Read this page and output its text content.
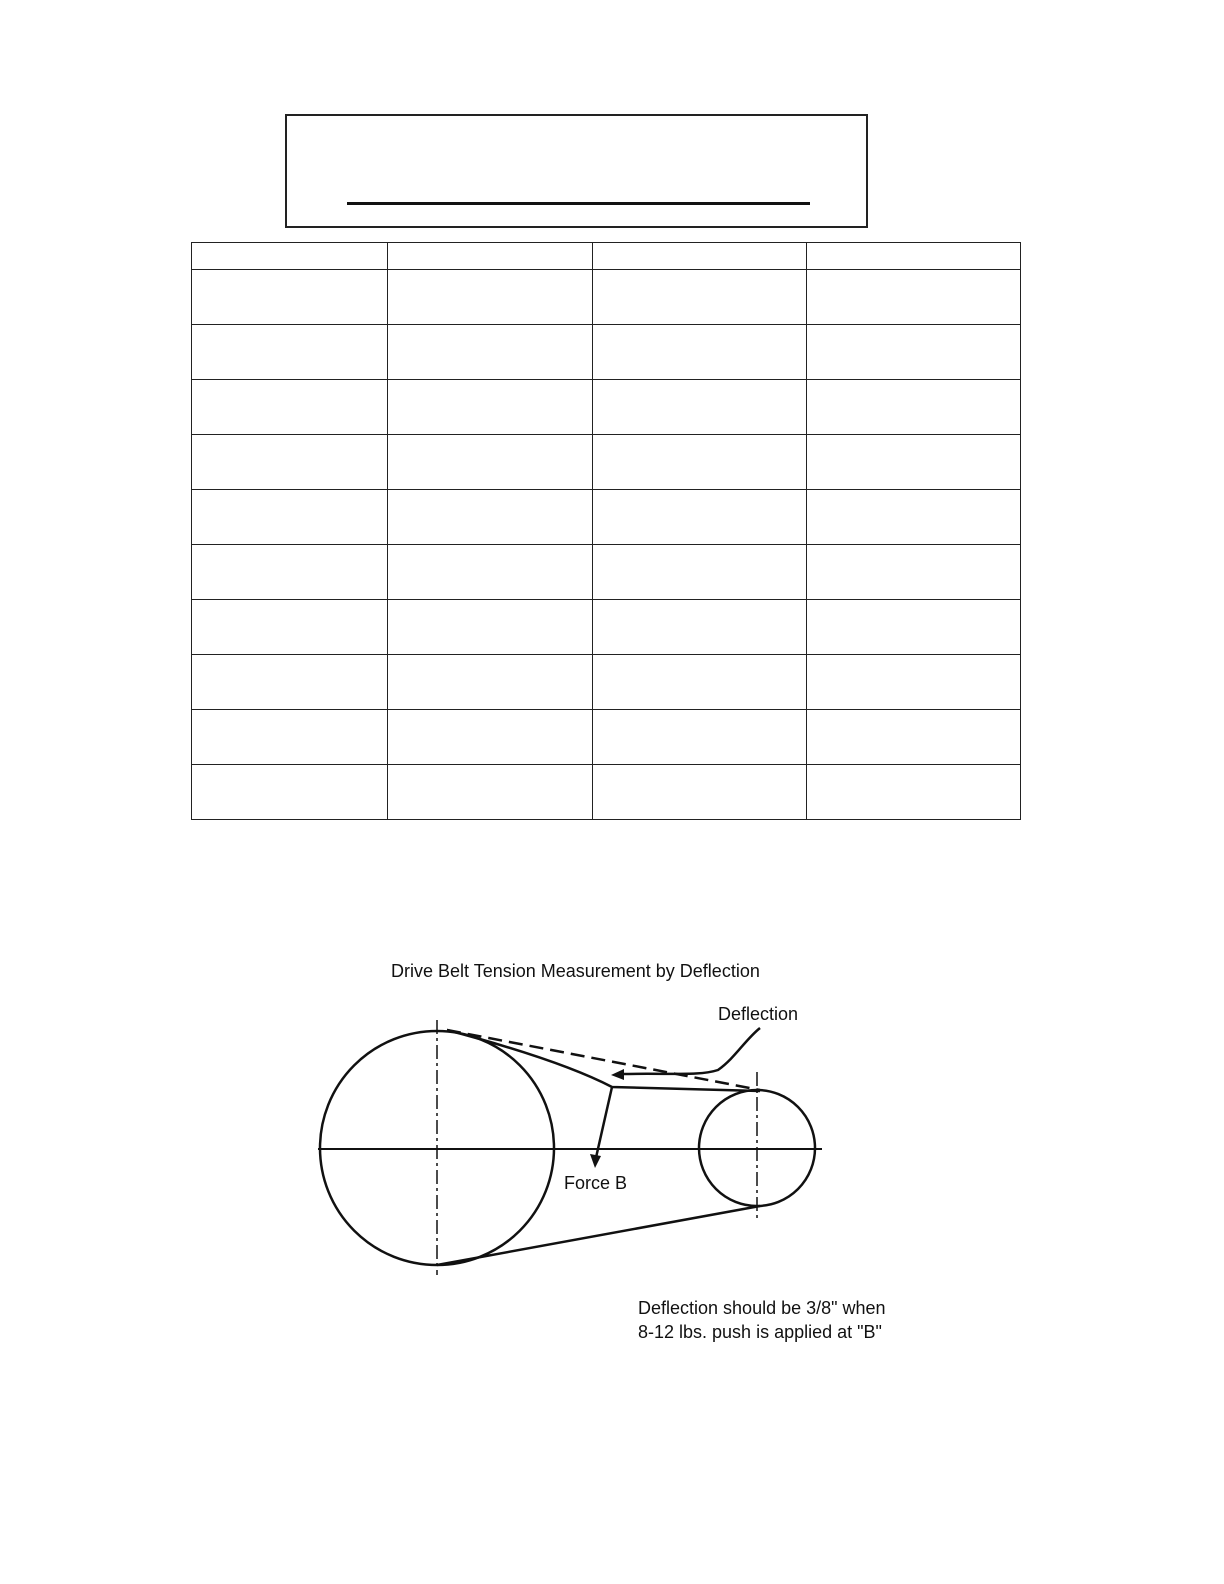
Drive Belt Tension Measurement by Deflection
Deflection
Force B
Deflection should be 3/8" when
8-12 lbs. push is applied at "B"
